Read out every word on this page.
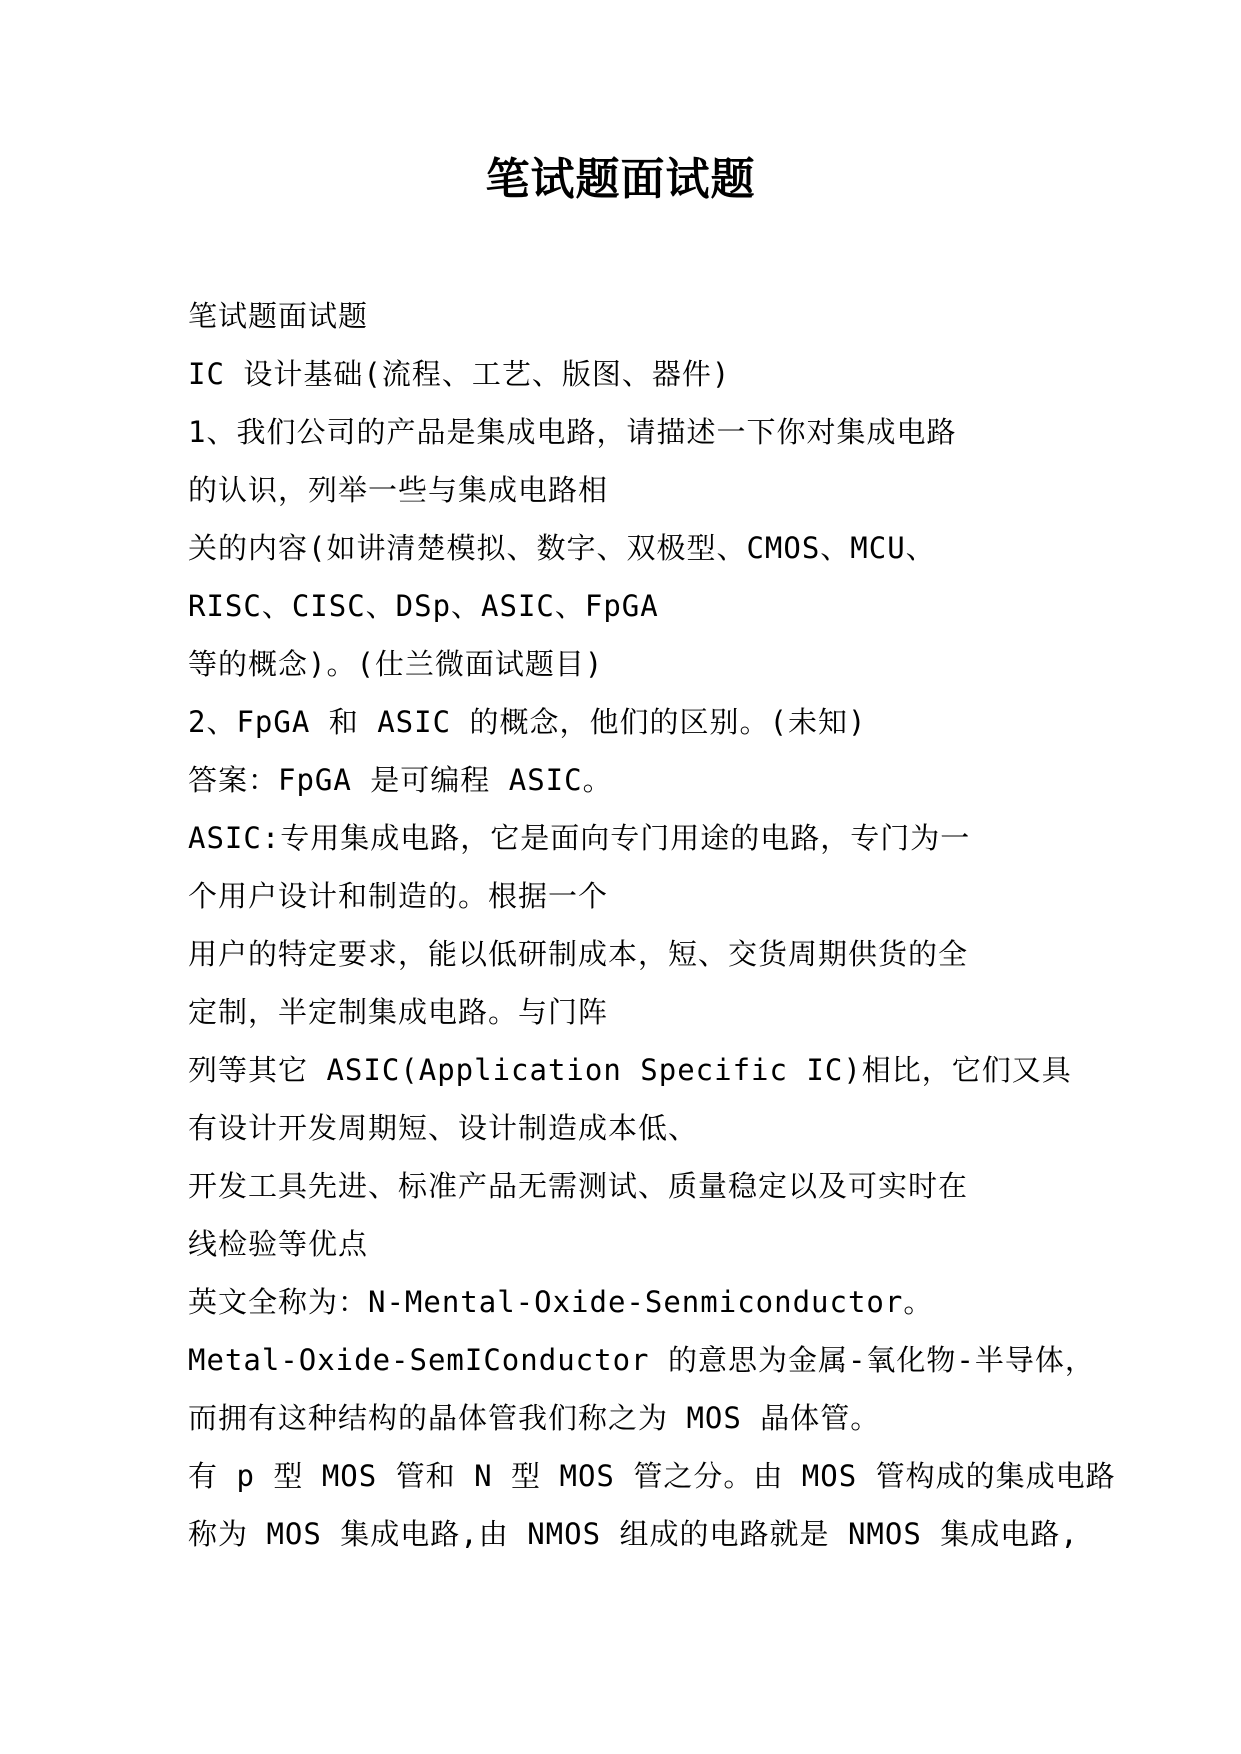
笔试题面试题
笔试题面试题
IC 设计基础(流程、工艺、版图、器件)
1、我们公司的产品是集成电路，请描述一下你对集成电路
的认识，列举一些与集成电路相
关的内容(如讲清楚模拟、数字、双极型、CMOS、MCU、
RISC、CISC、DSp、ASIC、FpGA
等的概念)。(仕兰微面试题目)
2、FpGA 和 ASIC 的概念，他们的区别。(未知)
答案：FpGA 是可编程 ASIC。
ASIC:专用集成电路，它是面向专门用途的电路，专门为一
个用户设计和制造的。根据一个
用户的特定要求，能以低研制成本，短、交货周期供货的全
定制，半定制集成电路。与门阵
列等其它 ASIC(Application Specific IC)相比，它们又具
有设计开发周期短、设计制造成本低、
开发工具先进、标准产品无需测试、质量稳定以及可实时在
线检验等优点
英文全称为：N-Mental-Oxide-Senmiconductor。
Metal-Oxide-SemIConductor 的意思为金属-氧化物-半导体，
而拥有这种结构的晶体管我们称之为 MOS 晶体管。
有 p 型 MOS 管和 N 型 MOS 管之分。由 MOS 管构成的集成电路
称为 MOS 集成电路,由 NMOS 组成的电路就是 NMOS 集成电路,
